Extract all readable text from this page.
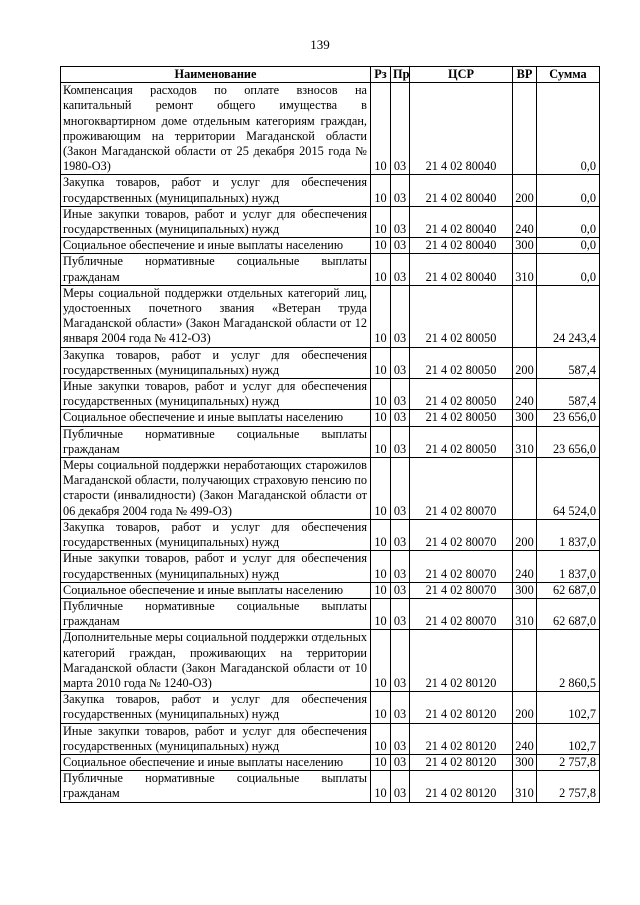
139
Наименование	Рз	Пр	ЦСР	ВР	Сумма
Компенсация расходов по оплате взносов на капитальный ремонт общего имущества в многоквартирном доме отдельным категориям граждан, проживающим на территории Магаданской области (Закон Магаданской области от 25 декабря 2015 года № 1980-ОЗ)	10	03	21 4 02 80040		0,0
Закупка товаров, работ и услуг для обеспечения государственных (муниципальных) нужд	10	03	21 4 02 80040	200	0,0
Иные закупки товаров, работ и услуг для обеспечения государственных (муниципальных) нужд	10	03	21 4 02 80040	240	0,0
Социальное обеспечение и иные выплаты населению	10	03	21 4 02 80040	300	0,0
Публичные нормативные социальные выплаты гражданам	10	03	21 4 02 80040	310	0,0
Меры социальной поддержки отдельных категорий лиц, удостоенных почетного звания «Ветеран труда Магаданской области» (Закон Магаданской области от 12 января 2004 года № 412-ОЗ)	10	03	21 4 02 80050		24 243,4
Закупка товаров, работ и услуг для обеспечения государственных (муниципальных) нужд	10	03	21 4 02 80050	200	587,4
Иные закупки товаров, работ и услуг для обеспечения государственных (муниципальных) нужд	10	03	21 4 02 80050	240	587,4
Социальное обеспечение и иные выплаты населению	10	03	21 4 02 80050	300	23 656,0
Публичные нормативные социальные выплаты гражданам	10	03	21 4 02 80050	310	23 656,0
Меры социальной поддержки неработающих старожилов Магаданской области, получающих страховую пенсию по старости (инвалидности) (Закон Магаданской области от 06 декабря 2004 года № 499-ОЗ)	10	03	21 4 02 80070		64 524,0
Закупка товаров, работ и услуг для обеспечения государственных (муниципальных) нужд	10	03	21 4 02 80070	200	1 837,0
Иные закупки товаров, работ и услуг для обеспечения государственных (муниципальных) нужд	10	03	21 4 02 80070	240	1 837,0
Социальное обеспечение и иные выплаты населению	10	03	21 4 02 80070	300	62 687,0
Публичные нормативные социальные выплаты гражданам	10	03	21 4 02 80070	310	62 687,0
Дополнительные меры социальной поддержки отдельных категорий граждан, проживающих на территории Магаданской области (Закон Магаданской области от 10 марта 2010 года № 1240-ОЗ)	10	03	21 4 02 80120		2 860,5
Закупка товаров, работ и услуг для обеспечения государственных (муниципальных) нужд	10	03	21 4 02 80120	200	102,7
Иные закупки товаров, работ и услуг для обеспечения государственных (муниципальных) нужд	10	03	21 4 02 80120	240	102,7
Социальное обеспечение и иные выплаты населению	10	03	21 4 02 80120	300	2 757,8
Публичные нормативные социальные выплаты гражданам	10	03	21 4 02 80120	310	2 757,8
